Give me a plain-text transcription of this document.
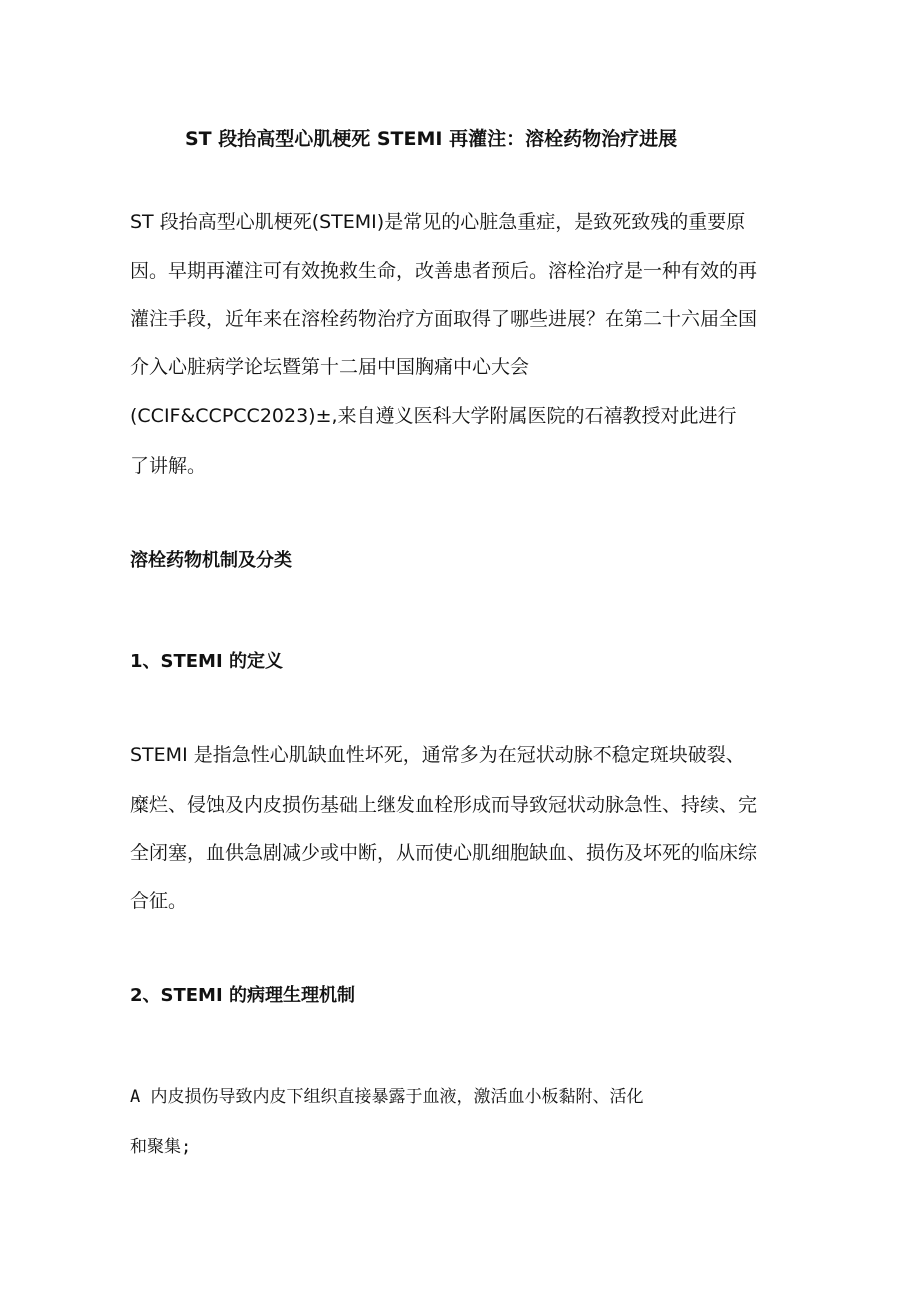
ST 段抬高型心肌梗死 STEMI 再灌注：溶栓药物治疗进展

ST 段抬高型心肌梗死(STEMI)是常见的心脏急重症，是致死致残的重要原

因。早期再灌注可有效挽救生命，改善患者预后。溶栓治疗是一种有效的再

灌注手段，近年来在溶栓药物治疗方面取得了哪些进展？在第二十六届全国

介入心脏病学论坛暨第十二届中国胸痛中心大会

(CCIF&CCPCC2023)±,来自遵义医科大学附属医院的石禧教授对此进行

了讲解。

溶栓药物机制及分类
1、STEMI 的定义

STEMI 是指急性心肌缺血性坏死，通常多为在冠状动脉不稳定斑块破裂、

糜烂、侵蚀及内皮损伤基础上继发血栓形成而导致冠状动脉急性、持续、完

全闭塞，血供急剧减少或中断，从而使心肌细胞缺血、损伤及坏死的临床综

合征。

2、STEMI 的病理生理机制

A 内皮损伤导致内皮下组织直接暴露于血液，激活血小板黏附、活化

和聚集;
